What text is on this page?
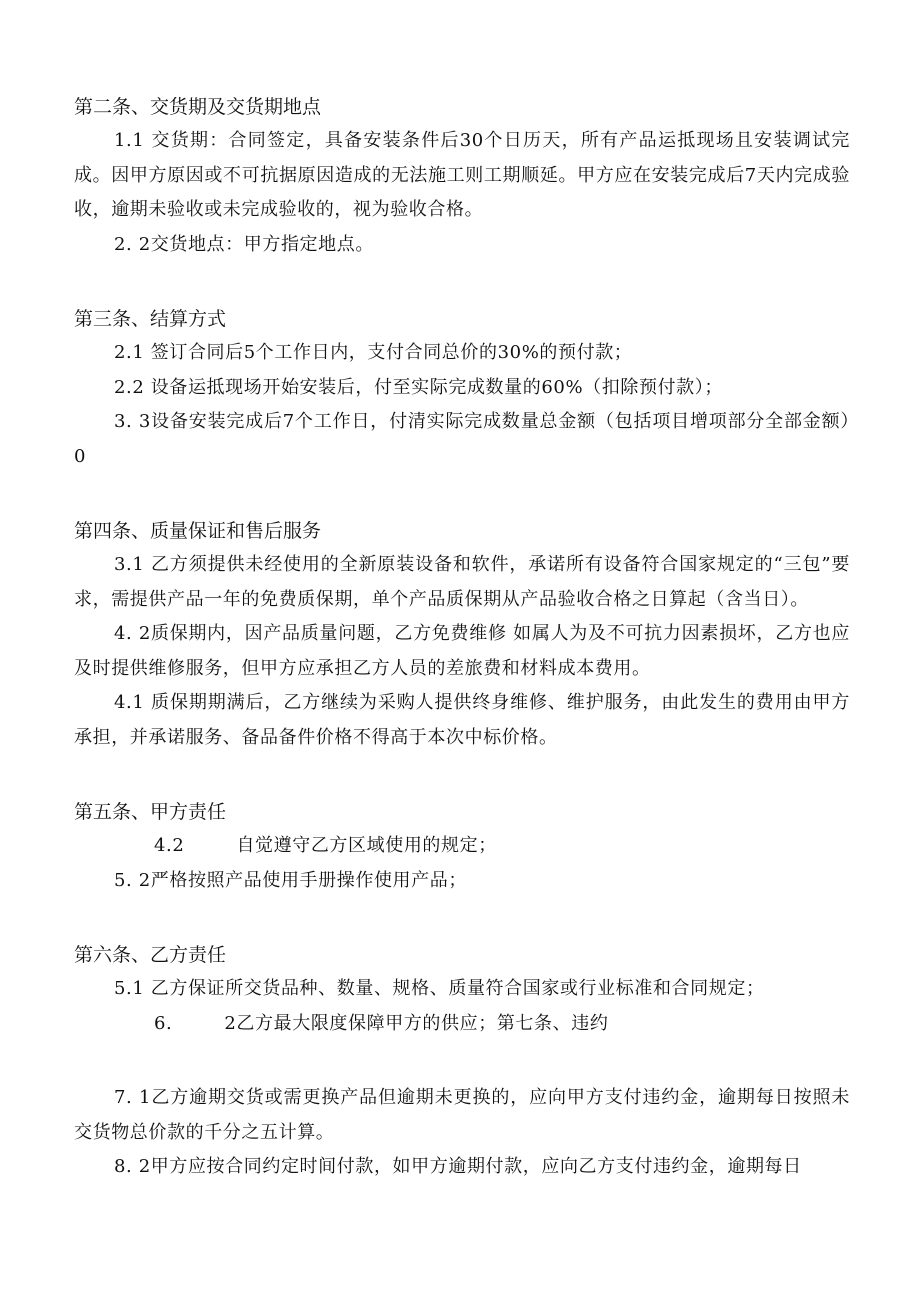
第二条、交货期及交货期地点

1.1 交货期：合同签定，具备安装条件后30个日历天，所有产品运抵现场且安装调试完成。因甲方原因或不可抗据原因造成的无法施工则工期顺延。甲方应在安装完成后7天内完成验收，逾期未验收或未完成验收的，视为验收合格。

2. 2交货地点：甲方指定地点。

第三条、结算方式

2.1 签订合同后5个工作日内，支付合同总价的30%的预付款；

2.2 设备运抵现场开始安装后，付至实际完成数量的60%（扣除预付款）；

3. 3设备安装完成后7个工作日，付清实际完成数量总金额（包括项目增项部分全部金额）0

第四条、质量保证和售后服务

3.1 乙方须提供未经使用的全新原装设备和软件，承诺所有设备符合国家规定的“三包”要求，需提供产品一年的免费质保期，单个产品质保期从产品验收合格之日算起（含当日）。

4. 2质保期内，因产品质量问题，乙方免费维修 如属人为及不可抗力因素损坏，乙方也应及时提供维修服务，但甲方应承担乙方人员的差旅费和材料成本费用。

4.1 质保期期满后，乙方继续为采购人提供终身维修、维护服务，由此发生的费用由甲方承担，并承诺服务、备品备件价格不得高于本次中标价格。

第五条、甲方责任

4.2	自觉遵守乙方区域使用的规定；

5. 2严格按照产品使用手册操作使用产品；

第六条、乙方责任

5.1 乙方保证所交货品种、数量、规格、质量符合国家或行业标准和合同规定；

6.	2乙方最大限度保障甲方的供应；第七条、违约

7. 1乙方逾期交货或需更换产品但逾期未更换的，应向甲方支付违约金，逾期每日按照未交货物总价款的千分之五计算。

8. 2甲方应按合同约定时间付款，如甲方逾期付款，应向乙方支付违约金，逾期每日
